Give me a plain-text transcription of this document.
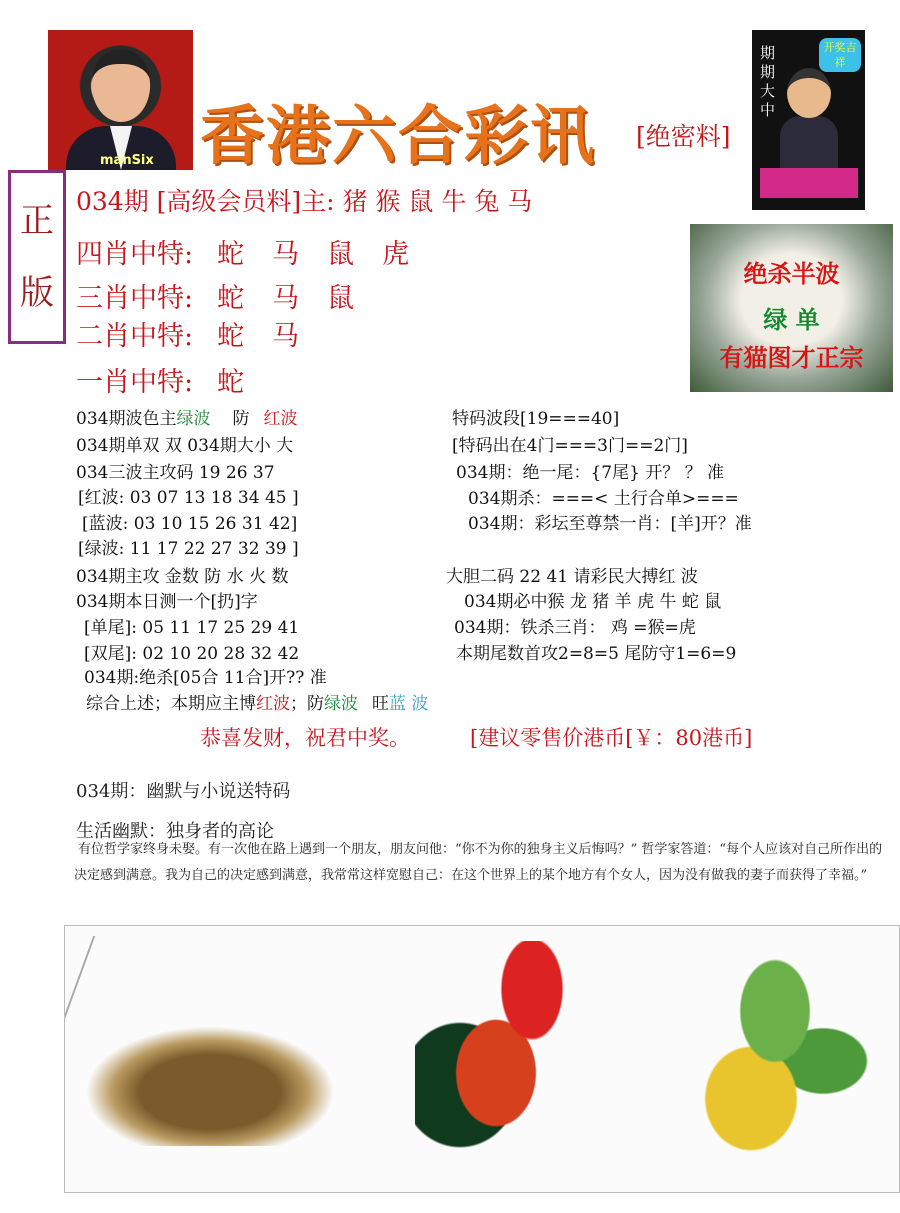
manSix 香港六合彩讯 [绝密料]
期期大中
开奖吉祥
正
版
034期 [高级会员料]主: 猪 猴 鼠 牛 兔 马
四肖中特: 蛇马鼠虎
三肖中特: 蛇马鼠
二肖中特: 蛇马
一肖中特: 蛇
绝杀半波
绿 单
有猫图才正宗
034期波色主绿波 防 红波
034期单双 双 034期大小 大
034三波主攻码 19 26 37
[红波: 03 07 13 18 34 45 ]
[蓝波: 03 10 15 26 31 42]
[绿波: 11 17 22 27 32 39 ]
034期主攻 金数 防 水 火 数
034期本日测一个[扔]字
[单尾]: 05 11 17 25 29 41
[双尾]: 02 10 20 28 32 42
034期:绝杀[05合 11合]开?? 准
综合上述；本期应主博红波；防绿波 旺蓝 波
特码波段[19===40]
[特码出在4门===3门==2门]
034期：绝一尾：{7尾} 开？ ？ 准
034期杀：===< 土行合单>===
034期：彩坛至尊禁一肖：[羊]开？准
大胆二码 22 41 请彩民大搏红 波
034期必中猴 龙 猪 羊 虎 牛 蛇 鼠
034期：铁杀三肖： 鸡 =猴=虎
本期尾数首攻2=8=5 尾防守1=6=9
恭喜发财，祝君中奖。	[建议零售价港币[￥：80港币]
034期：幽默与小说送特码
生活幽默：独身者的高论
有位哲学家终身未娶。有一次他在路上遇到一个朋友，朋友问他：“你不为你的独身主义后悔吗？” 哲学家答道：“每个人应该对自己所作出的决定感到满意。我为自己的决定感到满意，我常常这样宽慰自己：在这个世界上的某个地方有个女人，因为没有做我的妻子而获得了幸福。”
